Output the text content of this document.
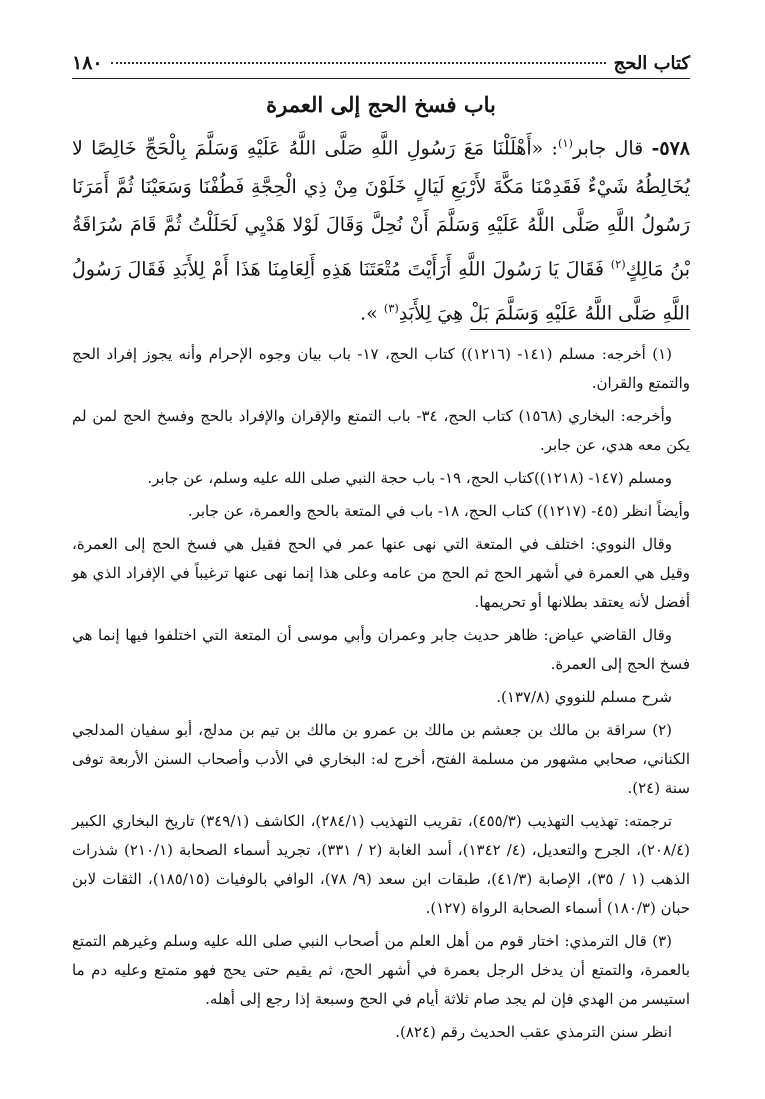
كتاب الحج
١٨٠
باب فسخ الحج إلى العمرة

٥٧٨- قال جابر$^{(١)}$: «أَهْلَلْنَا مَعَ رَسُولِ اللَّهِ صَلَّى اللَّهُ عَلَيْهِ وَسَلَّمَ بِالْحَجِّ خَالِصًا لا يُخَالِطُهُ شَيْءٌ فَقَدِمْنَا مَكَّةَ لأَرْبَعِ لَيَالٍ خَلَوْنَ مِنْ ذِي الْحِجَّةِ فَطُفْنَا وَسَعَيْنَا ثُمَّ أَمَرَنَا رَسُولُ اللَّهِ صَلَّى اللَّهُ عَلَيْهِ وَسَلَّمَ أَنْ نُحِلَّ وَقَالَ لَوْلا هَدْيِي لَحَلَلْتُ ثُمَّ قَامَ سُرَاقَةُ بْنُ مَالِكٍ$^{(٢)}$ فَقَالَ يَا رَسُولَ اللَّهِ أَرَأَيْتَ مُتْعَتَنَا هَذِهِ أَلِعَامِنَا هَذَا أَمْ لِلأَبَدِ فَقَالَ رَسُولُ اللَّهِ صَلَّى اللَّهُ عَلَيْهِ وَسَلَّمَ بَلْ هِيَ لِلأَبَدِ$^{(٣)}$ ».

(١) أخرجه: مسلم (١٤١- (١٢١٦)) كتاب الحج، ١٧- باب بيان وجوه الإحرام وأنه يجوز إفراد الحج والتمتع والقران.

وأخرجه: البخاري (١٥٦٨) كتاب الحج، ٣٤- باب التمتع والإقران والإفراد بالحج وفسخ الحج لمن لم يكن معه هدي، عن جابر.

ومسلم (١٤٧- (١٢١٨))كتاب الحج، ١٩- باب حجة النبي صلى الله عليه وسلم، عن جابر.

وأيضاً انظر (٤٥- (١٢١٧)) كتاب الحج، ١٨- باب في المتعة بالحج والعمرة، عن جابر.

وقال النووي: اختلف في المتعة التي نهى عنها عمر في الحج فقيل هي فسخ الحج إلى العمرة، وقيل هي العمرة في أشهر الحج ثم الحج من عامه وعلى هذا إنما نهى عنها ترغيباً في الإفراد الذي هو أفضل لأنه يعتقد بطلانها أو تحريمها.

وقال القاضي عياض: ظاهر حديث جابر وعمران وأبي موسى أن المتعة التي اختلفوا فيها إنما هي فسخ الحج إلى العمرة.

شرح مسلم للنووي (١٣٧/٨).

(٢) سراقة بن مالك بن جعشم بن مالك بن عمرو بن مالك بن تيم بن مدلج، أبو سفيان المدلجي الكناني، صحابي مشهور من مسلمة الفتح، أخرج له: البخاري في الأدب وأصحاب السنن الأربعة توفى سنة (٢٤).

ترجمته: تهذيب التهذيب (٤٥٥/٣)، تقريب التهذيب (٢٨٤/١)، الكاشف (٣٤٩/١) تاريخ البخاري الكبير (٢٠٨/٤)، الجرح والتعديل، (٤/ ١٣٤٢)، أسد الغابة (٢ / ٣٣١)، تجريد أسماء الصحابة (٢١٠/١) شذرات الذهب (١ / ٣٥)، الإصابة (٤١/٣)، طبقات ابن سعد (٩/ ٧٨)، الوافي بالوفيات (١٨٥/١٥)، الثقات لابن حبان (١٨٠/٣) أسماء الصحابة الرواة (١٢٧).

(٣) قال الترمذي: اختار قوم من أهل العلم من أصحاب النبي صلى الله عليه وسلم وغيرهم التمتع بالعمرة، والتمتع أن يدخل الرجل بعمرة في أشهر الحج، ثم يقيم حتى يحج فهو متمتع وعليه دم ما استيسر من الهدي فإن لم يجد صام ثلاثة أيام في الحج وسبعة إذا رجع إلى أهله.

انظر سنن الترمذي عقب الحديث رقم (٨٢٤).
